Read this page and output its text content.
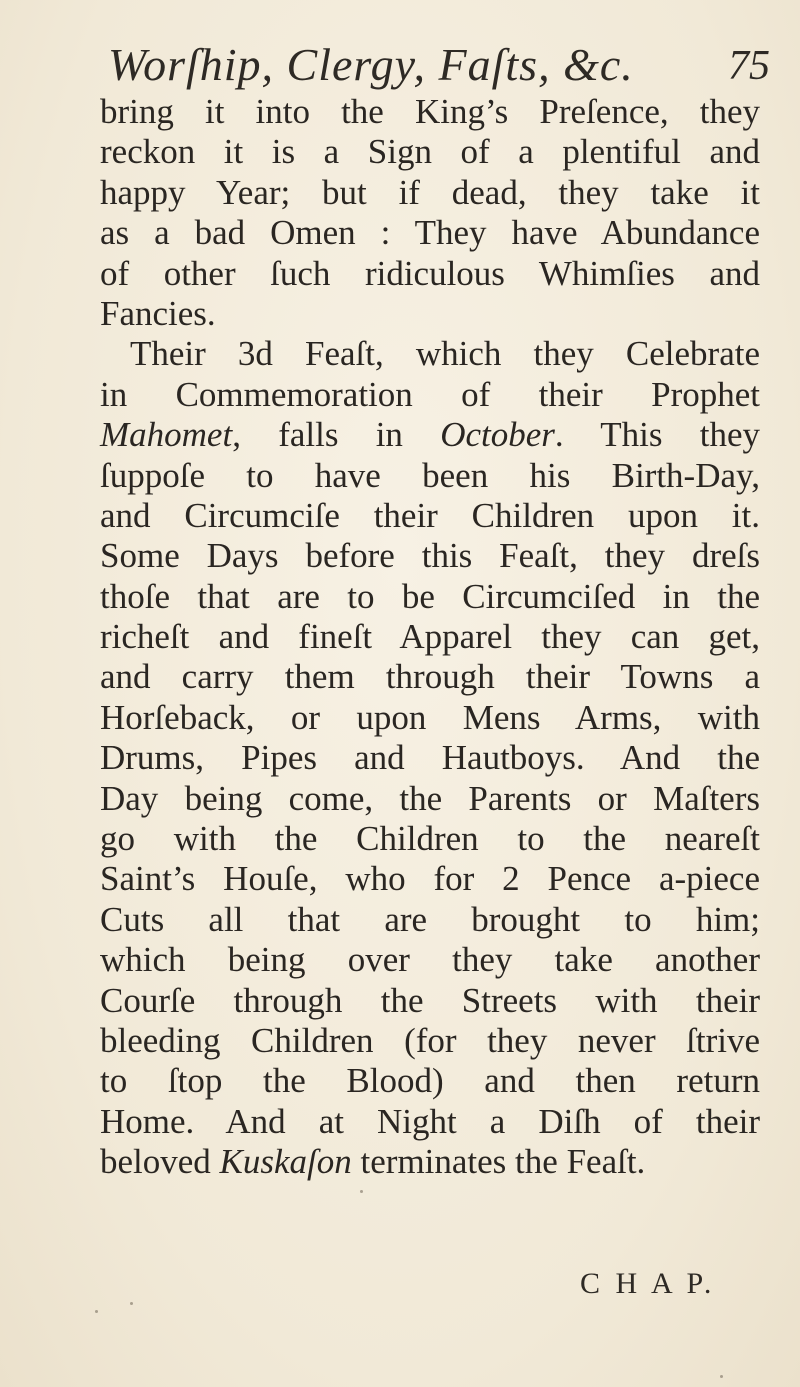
Worſhip, Clergy, Faſts, &c. 75
bring it into the King’s Preſence, they
reckon it is a Sign of a plentiful and
happy Year; but if dead, they take it
as a bad Omen : They have Abundance
of other ſuch ridiculous Whimſies and
Fancies.
Their 3d Feaſt, which they Celebrate
in Commemoration of their Prophet
Mahomet, falls in October. This they
ſuppoſe to have been his Birth-Day,
and Circumciſe their Children upon it.
Some Days before this Feaſt, they dreſs
thoſe that are to be Circumciſed in the
richeſt and fineſt Apparel they can get,
and carry them through their Towns a
Horſeback, or upon Mens Arms, with
Drums, Pipes and Hautboys. And the
Day being come, the Parents or Maſters
go with the Children to the neareſt
Saint’s Houſe, who for 2 Pence a-piece
Cuts all that are brought to him;
which being over they take another
Courſe through the Streets with their
bleeding Children (for they never ſtrive
to ſtop the Blood) and then return
Home. And at Night a Diſh of their
beloved Kuskaſon terminates the Feaſt.
C H A P.
